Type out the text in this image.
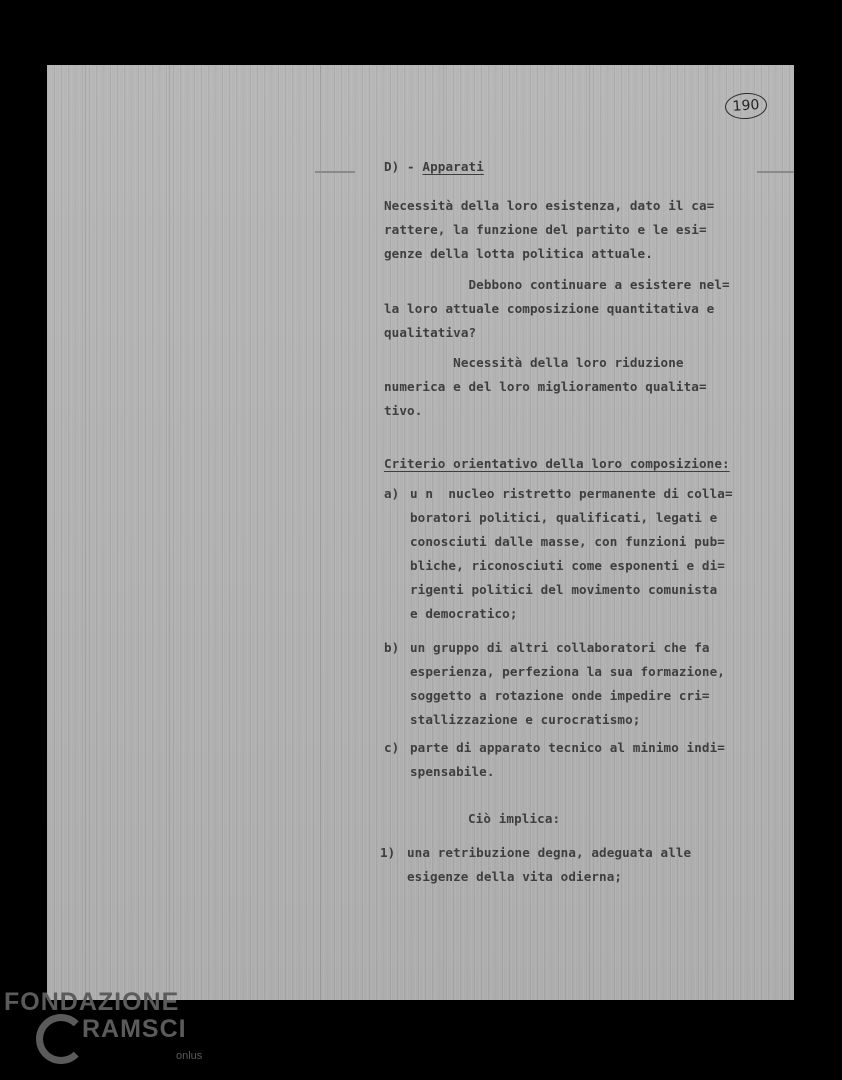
190
D) - Apparati
Necessità della loro esistenza, dato il ca=
rattere, la funzione del partito e le esi=
genze della lotta politica attuale.
Debbono continuare a esistere nel=
la loro attuale composizione quantitativa e
qualitativa?
Necessità della loro riduzione
numerica e del loro miglioramento qualita=
tivo.
Criterio orientativo della loro composizione:
a) u n  nucleo ristretto permanente di colla=
boratori politici, qualificati, legati e
conosciuti dalle masse, con funzioni pub=
bliche, riconosciuti come esponenti e di=
rigenti politici del movimento comunista
e democratico;
b) un gruppo di altri collaboratori che fa
esperienza, perfeziona la sua formazione,
soggetto a rotazione onde impedire cri=
stallizzazione e curocratismo;
c) parte di apparato tecnico al minimo indi=
spensabile.
Ciò implica:
1) una retribuzione degna, adeguata alle
esigenze della vita odierna;
FONDAZIONE
RAMSCI
onlus
